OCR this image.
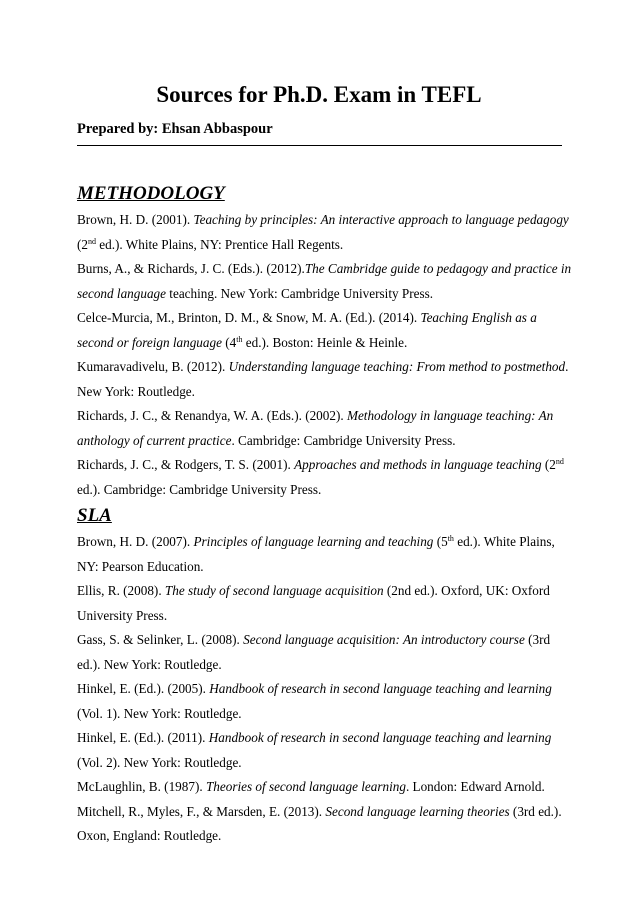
Sources for Ph.D. Exam in TEFL
Prepared by: Ehsan Abbaspour
METHODOLOGY

Brown, H. D. (2001). Teaching by principles: An interactive approach to language pedagogy
(2nd ed.). White Plains, NY: Prentice Hall Regents.

Burns, A., & Richards, J. C. (Eds.). (2012).The Cambridge guide to pedagogy and practice in
second language teaching. New York: Cambridge University Press.

Celce-Murcia, M., Brinton, D. M., & Snow, M. A. (Ed.). (2014). Teaching English as a
second or foreign language (4th ed.). Boston: Heinle & Heinle.

Kumaravadivelu, B. (2012). Understanding language teaching: From method to postmethod.
New York: Routledge.

Richards, J. C., & Renandya, W. A. (Eds.). (2002). Methodology in language teaching: An
anthology of current practice. Cambridge: Cambridge University Press.

Richards, J. C., & Rodgers, T. S. (2001). Approaches and methods in language teaching (2nd
ed.). Cambridge: Cambridge University Press.

SLA

Brown, H. D. (2007). Principles of language learning and teaching (5th ed.). White Plains,
NY: Pearson Education.

Ellis, R. (2008). The study of second language acquisition (2nd ed.). Oxford, UK: Oxford
University Press.

Gass, S. & Selinker, L. (2008). Second language acquisition: An introductory course (3rd
ed.). New York: Routledge.

Hinkel, E. (Ed.). (2005). Handbook of research in second language teaching and learning
(Vol. 1). New York: Routledge.

Hinkel, E. (Ed.). (2011). Handbook of research in second language teaching and learning
(Vol. 2). New York: Routledge.

McLaughlin, B. (1987). Theories of second language learning. London: Edward Arnold.

Mitchell, R., Myles, F., & Marsden, E. (2013). Second language learning theories (3rd ed.).
Oxon, England: Routledge.
